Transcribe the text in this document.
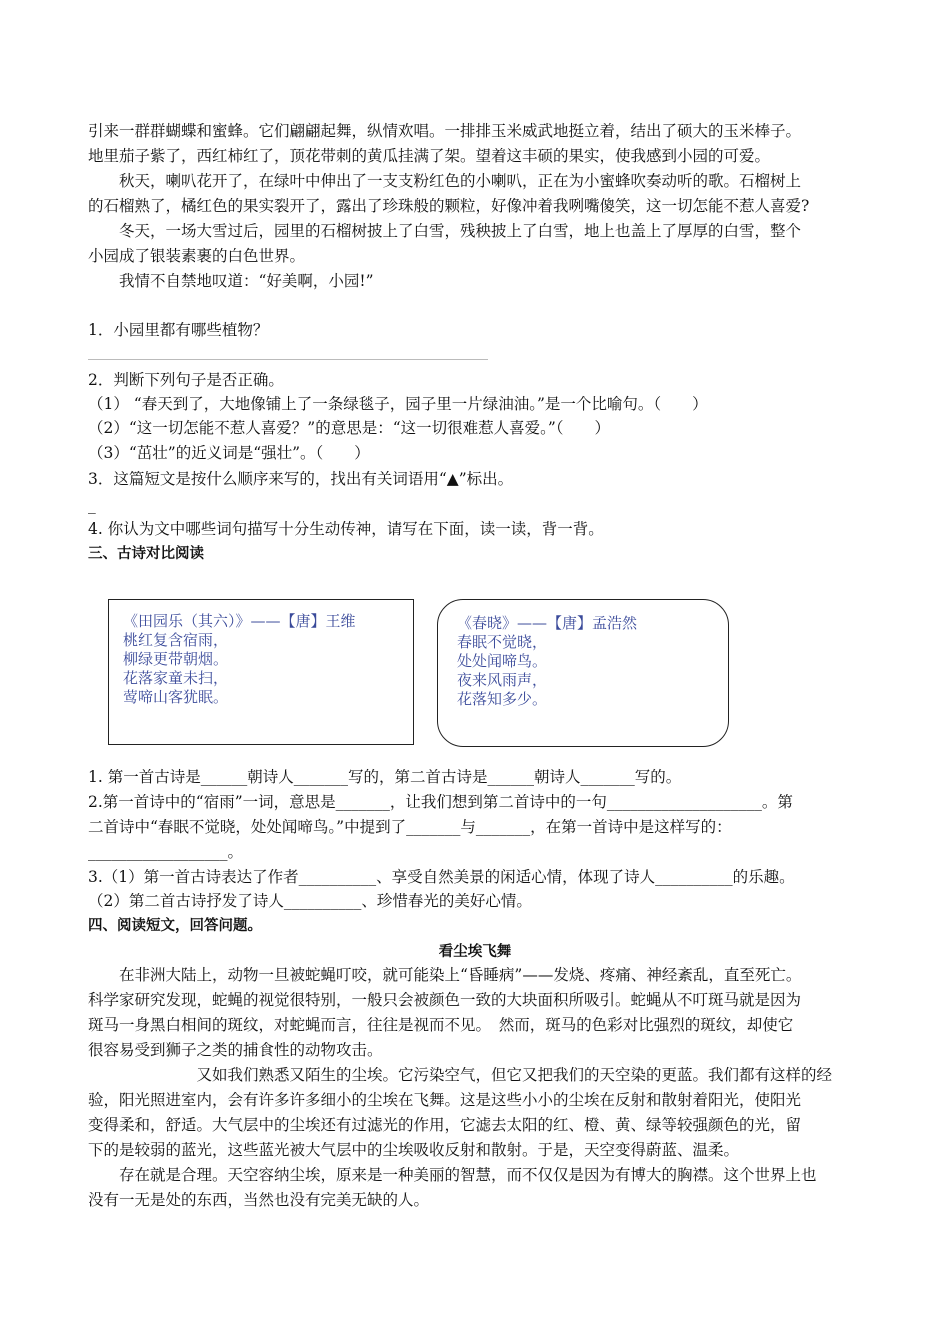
引来一群群蝴蝶和蜜蜂。它们翩翩起舞，纵情欢唱。一排排玉米威武地挺立着，结出了硕大的玉米棒子。
地里茄子紫了，西红柿红了，顶花带刺的黄瓜挂满了架。望着这丰硕的果实，使我感到小园的可爱。
　　秋天，喇叭花开了，在绿叶中伸出了一支支粉红色的小喇叭，正在为小蜜蜂吹奏动听的歌。石榴树上
的石榴熟了，橘红色的果实裂开了，露出了珍珠般的颗粒，好像冲着我咧嘴傻笑，这一切怎能不惹人喜爱?
　　冬天，一场大雪过后，园里的石榴树披上了白雪，残秧披上了白雪，地上也盖上了厚厚的白雪，整个
小园成了银装素裹的白色世界。
　　我情不自禁地叹道：“好美啊，小园!”
1．小园里都有哪些植物？
2．判断下列句子是否正确。
（1） “春天到了，大地像铺上了一条绿毯子，园子里一片绿油油。”是一个比喻句。（　　）
（2）“这一切怎能不惹人喜爱？”的意思是：“这一切很难惹人喜爱。”（　　）
（3）“茁壮”的近义词是“强壮”。（　　）
3．这篇短文是按什么顺序来写的，找出有关词语用“▲”标出。
_
4. 你认为文中哪些词句描写十分生动传神，请写在下面，读一读，背一背。
三、古诗对比阅读
《田园乐（其六）》——【唐】王维
桃红复含宿雨，
柳绿更带朝烟。
花落家童未扫，
莺啼山客犹眠。
《春晓》——【唐】孟浩然
春眠不觉晓，
处处闻啼鸟。
夜来风雨声，
花落知多少。
1. 第一首古诗是______朝诗人_______写的，第二首古诗是______朝诗人_______写的。
2.第一首诗中的“宿雨”一词，意思是_______，让我们想到第二首诗中的一句____________________。第
二首诗中“春眠不觉晓，处处闻啼鸟。”中提到了_______与_______，在第一首诗中是这样写的：
__________________。
3.（1）第一首古诗表达了作者__________、享受自然美景的闲适心情，体现了诗人__________的乐趣。
（2）第二首古诗抒发了诗人__________、珍惜春光的美好心情。
四、阅读短文，回答问题。
看尘埃飞舞
　　在非洲大陆上，动物一旦被蛇蝇叮咬，就可能染上“昏睡病”——发烧、疼痛、神经紊乱，直至死亡。
科学家研究发现，蛇蝇的视觉很特别，一般只会被颜色一致的大块面积所吸引。蛇蝇从不叮斑马就是因为
斑马一身黑白相间的斑纹，对蛇蝇而言，往往是视而不见。　然而，斑马的色彩对比强烈的斑纹，却使它
很容易受到狮子之类的捕食性的动物攻击。
　　　　　　　又如我们熟悉又陌生的尘埃。它污染空气，但它又把我们的天空染的更蓝。我们都有这样的经
验，阳光照进室内，会有许多许多细小的尘埃在飞舞。这是这些小小的尘埃在反射和散射着阳光，使阳光
变得柔和，舒适。大气层中的尘埃还有过滤光的作用，它滤去太阳的红、橙、黄、绿等较强颜色的光，留
下的是较弱的蓝光，这些蓝光被大气层中的尘埃吸收反射和散射。于是，天空变得蔚蓝、温柔。
　　存在就是合理。天空容纳尘埃，原来是一种美丽的智慧，而不仅仅是因为有博大的胸襟。这个世界上也
没有一无是处的东西，当然也没有完美无缺的人。
